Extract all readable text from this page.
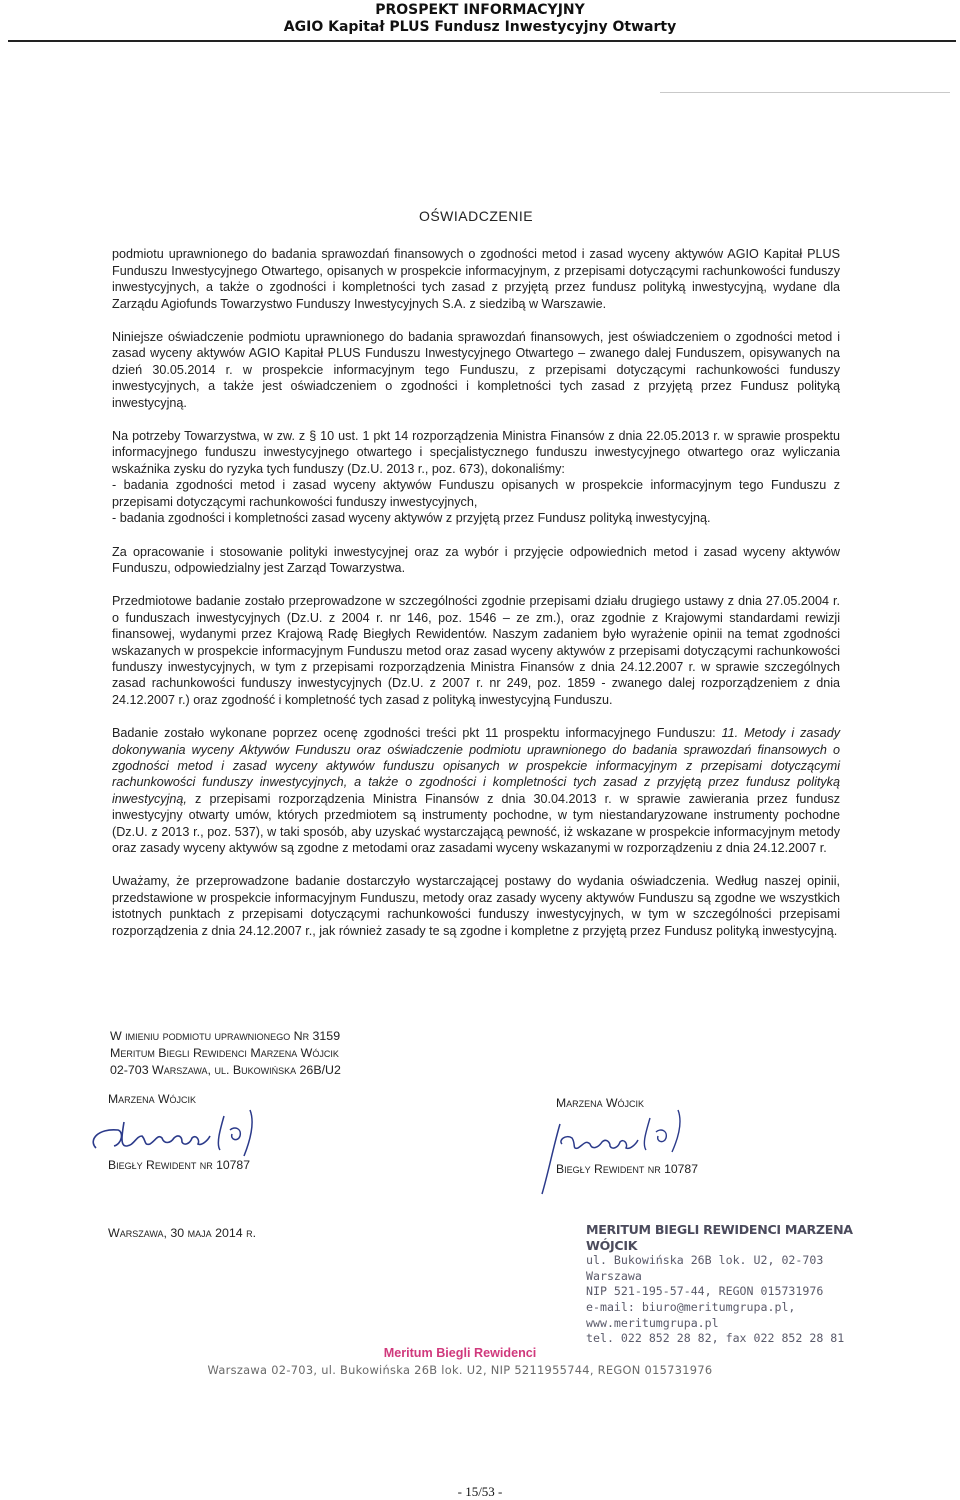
PROSPEKT INFORMACYJNY
AGIO Kapitał PLUS Fundusz Inwestycyjny Otwarty
OŚWIADCZENIE

podmiotu uprawnionego do badania sprawozdań finansowych o zgodności metod i zasad wyceny aktywów AGIO Kapitał PLUS Funduszu Inwestycyjnego Otwartego, opisanych w prospekcie informacyjnym, z przepisami dotyczącymi rachunkowości funduszy inwestycyjnych, a także o zgodności i kompletności tych zasad z przyjętą przez fundusz polityką inwestycyjną, wydane dla Zarządu Agiofunds Towarzystwo Funduszy Inwestycyjnych S.A. z siedzibą w Warszawie.

Niniejsze oświadczenie podmiotu uprawnionego do badania sprawozdań finansowych, jest oświadczeniem o zgodności metod i zasad wyceny aktywów AGIO Kapitał PLUS Funduszu Inwestycyjnego Otwartego – zwanego dalej Funduszem, opisywanych na dzień 30.05.2014 r. w prospekcie informacyjnym tego Funduszu, z przepisami dotyczącymi rachunkowości funduszy inwestycyjnych, a także jest oświadczeniem o zgodności i kompletności tych zasad z przyjętą przez Fundusz polityką inwestycyjną.

Na potrzeby Towarzystwa, w zw. z § 10 ust. 1 pkt 14 rozporządzenia Ministra Finansów z dnia 22.05.2013 r. w sprawie prospektu informacyjnego funduszu inwestycyjnego otwartego i specjalistycznego funduszu inwestycyjnego otwartego oraz wyliczania wskaźnika zysku do ryzyka tych funduszy (Dz.U. 2013 r., poz. 673), dokonaliśmy:

- badania zgodności metod i zasad wyceny aktywów Funduszu opisanych w prospekcie informacyjnym tego Funduszu z przepisami dotyczącymi rachunkowości funduszy inwestycyjnych,
- badania zgodności i kompletności zasad wyceny aktywów z przyjętą przez Fundusz polityką inwestycyjną.

Za opracowanie i stosowanie polityki inwestycyjnej oraz za wybór i przyjęcie odpowiednich metod i zasad wyceny aktywów Funduszu, odpowiedzialny jest Zarząd Towarzystwa.

Przedmiotowe badanie zostało przeprowadzone w szczególności zgodnie przepisami działu drugiego ustawy z dnia 27.05.2004 r. o funduszach inwestycyjnych (Dz.U. z 2004 r. nr 146, poz. 1546 – ze zm.), oraz zgodnie z Krajowymi standardami rewizji finansowej, wydanymi przez Krajową Radę Biegłych Rewidentów. Naszym zadaniem było wyrażenie opinii na temat zgodności wskazanych w prospekcie informacyjnym Funduszu metod oraz zasad wyceny aktywów z przepisami dotyczącymi rachunkowości funduszy inwestycyjnych, w tym z przepisami rozporządzenia Ministra Finansów z dnia 24.12.2007 r. w sprawie szczególnych zasad rachunkowości funduszy inwestycyjnych (Dz.U. z 2007 r. nr 249, poz. 1859 - zwanego dalej rozporządzeniem z dnia 24.12.2007 r.) oraz zgodność i kompletność tych zasad z polityką inwestycyjną Funduszu.

Badanie zostało wykonane poprzez ocenę zgodności treści pkt 11 prospektu informacyjnego Funduszu: 11. Metody i zasady dokonywania wyceny Aktywów Funduszu oraz oświadczenie podmiotu uprawnionego do badania sprawozdań finansowych o zgodności metod i zasad wyceny aktywów funduszu opisanych w prospekcie informacyjnym z przepisami dotyczącymi rachunkowości funduszy inwestycyjnych, a także o zgodności i kompletności tych zasad z przyjętą przez fundusz polityką inwestycyjną, z przepisami rozporządzenia Ministra Finansów z dnia 30.04.2013 r. w sprawie zawierania przez fundusz inwestycyjny otwarty umów, których przedmiotem są instrumenty pochodne, w tym niestandaryzowane instrumenty pochodne (Dz.U. z 2013 r., poz. 537), w taki sposób, aby uzyskać wystarczającą pewność, iż wskazane w prospekcie informacyjnym metody oraz zasady wyceny aktywów są zgodne z metodami oraz zasadami wyceny wskazanymi w rozporządzeniu z dnia 24.12.2007 r.

Uważamy, że przeprowadzone badanie dostarczyło wystarczającej postawy do wydania oświadczenia. Według naszej opinii, przedstawione w prospekcie informacyjnym Funduszu, metody oraz zasady wyceny aktywów Funduszu są zgodne we wszystkich istotnych punktach z przepisami dotyczącymi rachunkowości funduszy inwestycyjnych, w tym w szczególności przepisami rozporządzenia z dnia 24.12.2007 r., jak również zasady te są zgodne i kompletne z przyjętą przez Fundusz polityką inwestycyjną.

W imieniu podmiotu uprawnionego Nr 3159
Meritum Biegli Rewidenci Marzena Wójcik
02-703 Warszawa, ul. Bukowińska 26B/U2
Marzena Wójcik
Biegły Rewident nr 10787
Marzena Wójcik
Biegły Rewident nr 10787
Warszawa, 30 maja 2014 r.	MERITUM BIEGLI REWIDENCI MARZENA WÓJCIK
ul. Bukowińska 26B lok. U2, 02-703 Warszawa
NIP 521-195-57-44, REGON 015731976
e-mail: biuro@meritumgrupa.pl, www.meritumgrupa.pl
tel. 022 852 28 82, fax 022 852 28 81
Meritum Biegli Rewidenci
Warszawa 02-703, ul. Bukowińska 26B lok. U2, NIP 5211955744, REGON 015731976
- 15/53 -
